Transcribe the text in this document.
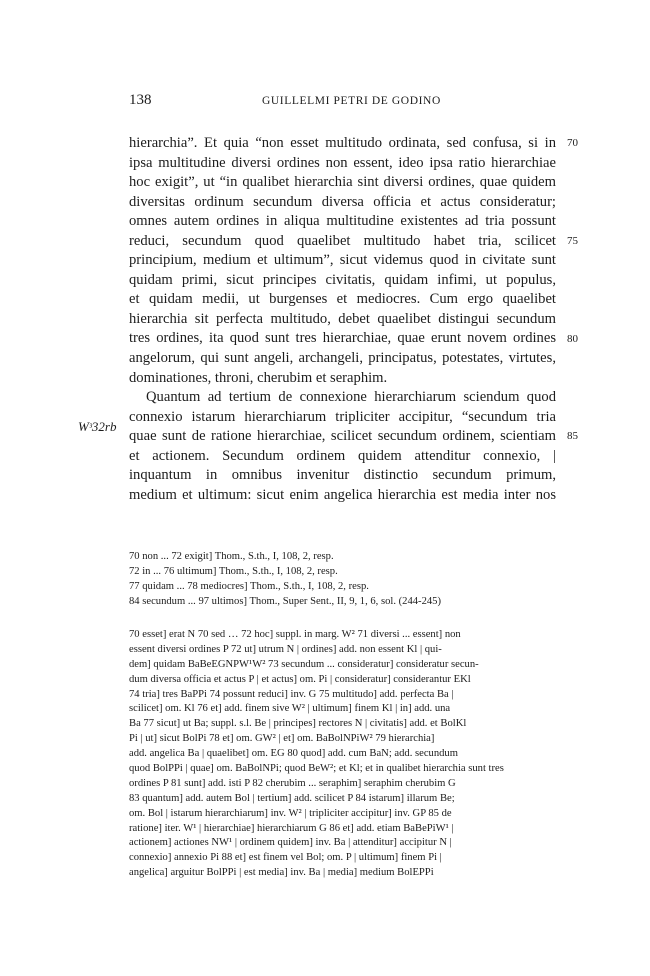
138	GUILLELMI PETRI DE GODINO
hierarchia”. Et quia “non esset multitudo ordinata, sed confusa, si in
ipsa multitudine diversi ordines non essent, ideo ipsa ratio hierarchiae
hoc exigit”, ut “in qualibet hierarchia sint diversi ordines, quae quidem
diversitas ordinum secundum diversa officia et actus consideratur;
omnes autem ordines in aliqua multitudine existentes ad tria possunt
reduci, secundum quod quaelibet multitudo habet tria, scilicet
principium, medium et ultimum”, sicut videmus quod in civitate sunt
quidam primi, sicut principes civitatis, quidam infimi, ut populus,
et quidam medii, ut burgenses et mediocres. Cum ergo quaelibet
hierarchia sit perfecta multitudo, debet quaelibet distingui secundum
tres ordines, ita quod sunt tres hierarchiae, quae erunt novem ordines
angelorum, qui sunt angeli, archangeli, principatus, potestates, virtutes,
dominationes, throni, cherubim et seraphim.
Quantum ad tertium de connexione hierarchiarum sciendum quod
connexio istarum hierarchiarum tripliciter accipitur, “secundum tria
quae sunt de ratione hierarchiae, scilicet secundum ordinem, scientiam
et actionem. Secundum ordinem quidem attenditur connexio, |
inquantum in omnibus invenitur distinctio secundum primum,
medium et ultimum: sicut enim angelica hierarchia est media inter nos
70
75
80
85
Wᵌ32rb
70 non ... 72 exigit] Thom., S.th., I, 108, 2, resp.
72 in ... 76 ultimum] Thom., S.th., I, 108, 2, resp.
77 quidam ... 78 mediocres] Thom., S.th., I, 108, 2, resp.
84 secundum ... 97 ultimos] Thom., Super Sent., II, 9, 1, 6, sol. (244-245)
70 esset] erat N 70 sed … 72 hoc] suppl. in marg. W² 71 diversi ... essent] non
essent diversi ordines P 72 ut] utrum N | ordines] add. non essent Kl | qui-
dem] quidam BaBeEGNPW¹W² 73 secundum ... consideratur] consideratur secun-
dum diversa officia et actus P | et actus] om. Pi | consideratur] considerantur EKl
74 tria] tres BaPPi 74 possunt reduci] inv. G 75 multitudo] add. perfecta Ba |
scilicet] om. Kl 76 et] add. finem sive W² | ultimum] finem Kl | in] add. una
Ba 77 sicut] ut Ba; suppl. s.l. Be | principes] rectores N | civitatis] add. et BolKl
Pi | ut] sicut BolPi 78 et] om. GW² | et] om. BaBolNPiW² 79 hierarchia]
add. angelica Ba | quaelibet] om. EG 80 quod] add. cum BaN; add. secundum
quod BolPPi | quae] om. BaBolNPi; quod BeW²; et Kl; et in qualibet hierarchia sunt tres
ordines P 81 sunt] add. isti P 82 cherubim ... seraphim] seraphim cherubim G
83 quantum] add. autem Bol | tertium] add. scilicet P 84 istarum] illarum Be;
om. Bol | istarum hierarchiarum] inv. W² | tripliciter accipitur] inv. GP 85 de
ratione] iter. W¹ | hierarchiae] hierarchiarum G 86 et] add. etiam BaBePiW¹ |
actionem] actiones NW¹ | ordinem quidem] inv. Ba | attenditur] accipitur N |
connexio] annexio Pi 88 et] est finem vel Bol; om. P | ultimum] finem Pi |
angelica] arguitur BolPPi | est media] inv. Ba | media] medium BolEPPi
